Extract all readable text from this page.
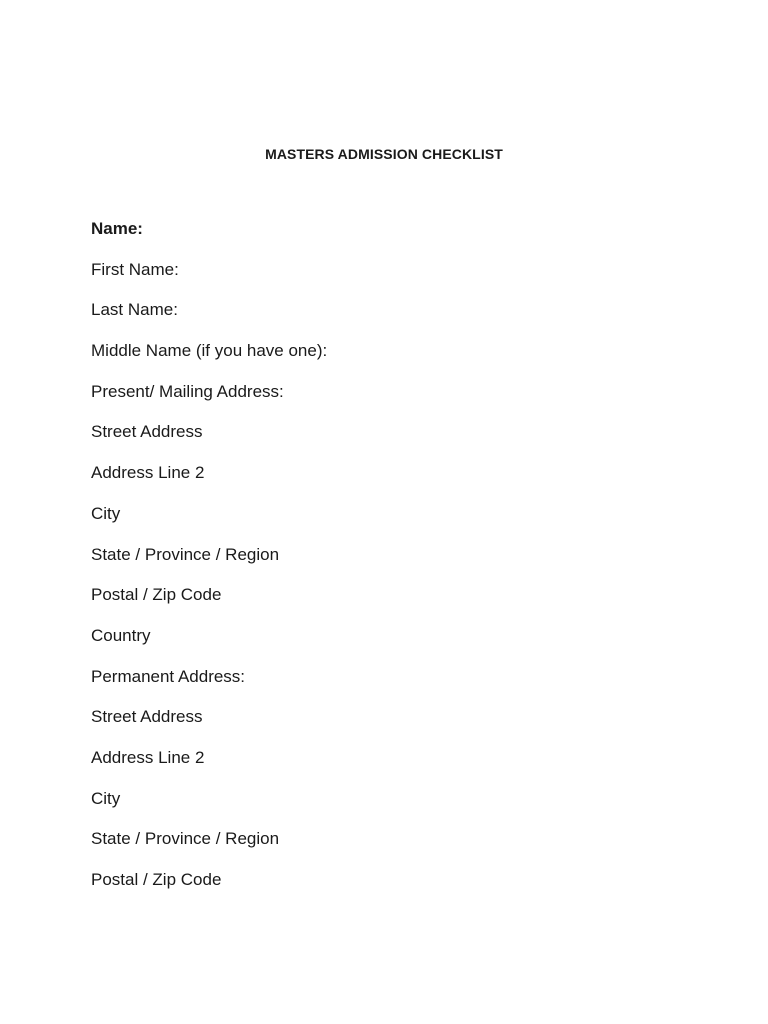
MASTERS ADMISSION CHECKLIST
Name:
First Name:
Last Name:
Middle Name (if you have one):
Present/ Mailing Address:
Street Address
Address Line 2
City
State / Province / Region
Postal / Zip Code
Country
Permanent Address:
Street Address
Address Line 2
City
State / Province / Region
Postal / Zip Code
